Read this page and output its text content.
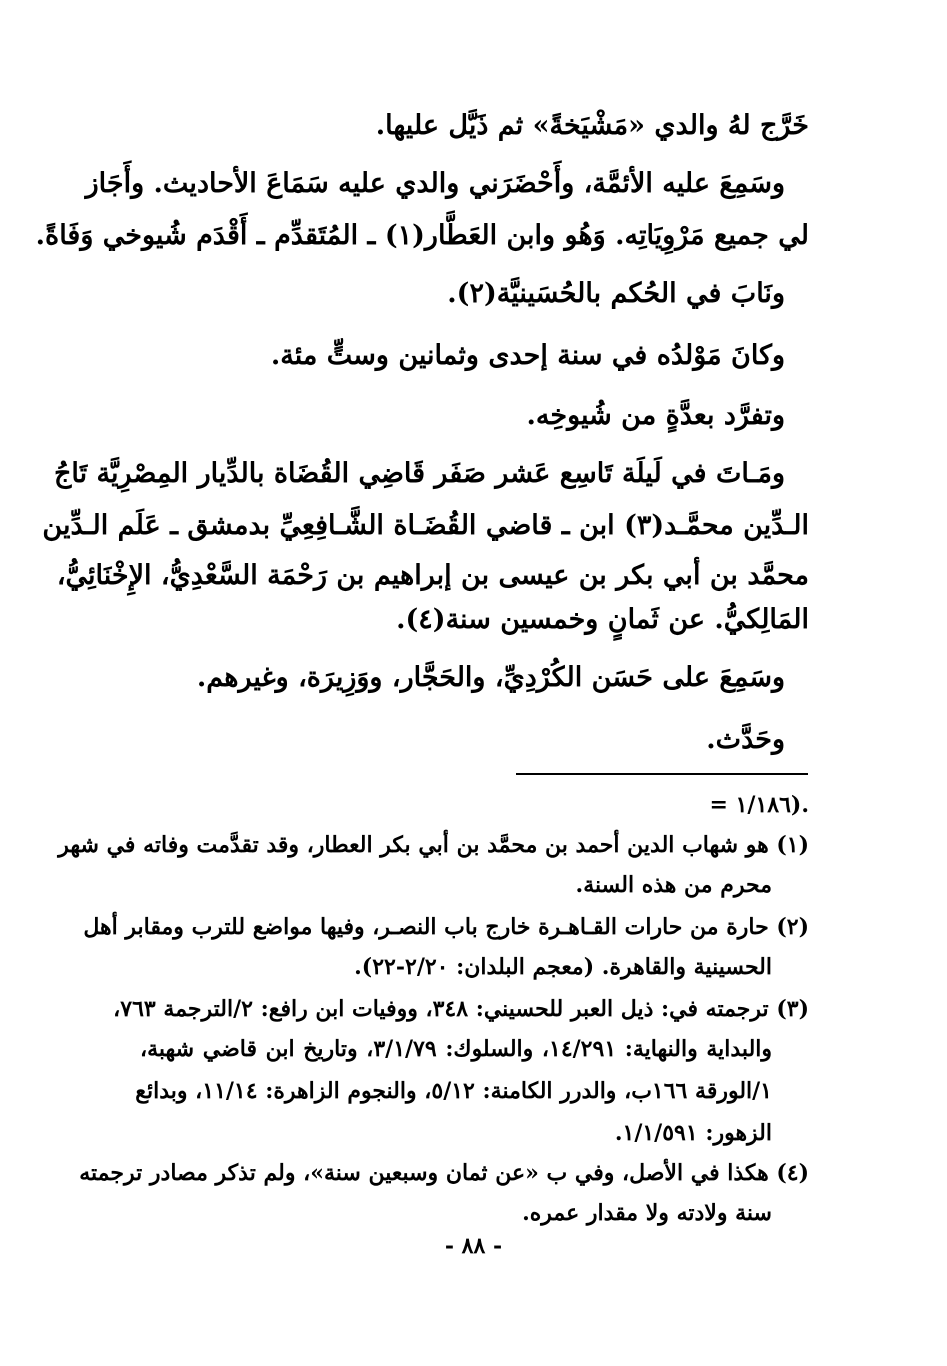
خَرَّج لهُ والدي «مَشْيَخةً» ثم ذَيَّل عليها.
وسَمِعَ عليه الأئمَّة، وأَحْضَرَني والدي عليه سَمَاعَ الأحاديث. وأَجَاز
لي جميع مَرْوِيَاتِه. وَهُو وابن العَطَّار(١) ـ المُتَقدِّم ـ أَقْدَم شُيوخي وَفَاةً.
ونَابَ في الحُكم بالحُسَينيَّة(٢).
وكانَ مَوْلدُه في سنة إحدى وثمانين وستٍّ مئة.
وتفرَّد بعدَّةٍ من شُيوخِه.
ومَـاتَ في لَيلَة تَاسِع عَشر صَفَر قَاضِي القُضَاة بالدِّيار المِصْرِيَّة تَاجُ
الـدِّين محمَّـد(٣) ابن ـ قاضي القُضَـاة الشَّـافِعِيِّ بدمشق ـ عَلَم الـدِّين
محمَّد بن أبي بكر بن عيسى بن إبراهيم بن رَحْمَة السَّعْدِيُّ، الإِخْنَائِيُّ،
المَالِكيُّ. عن ثَمانٍ وخمسين سنة(٤).
وسَمِعَ على حَسَن الكُرْدِيِّ، والحَجَّار، ووَزِيرَة، وغيرهم.
وحَدَّث.
= ١/١٨٦).
(١) هو شهاب الدين أحمد بن محمَّد بن أبي بكر العطار، وقد تقدَّمت وفاته في شهر
محرم من هذه السنة.
(٢) حارة من حارات القـاهـرة خارج باب النصـر، وفيها مواضع للترب ومقابر أهل
الحسينية والقاهرة. (معجم البلدان: ٢/٢٠-٢٢).
(٣) ترجمته في: ذيل العبر للحسيني: ٣٤٨، ووفيات ابن رافع: ٢/الترجمة ٧٦٣،
والبداية والنهاية: ١٤/٢٩١، والسلوك: ٣/١/٧٩، وتاريخ ابن قاضي شهبة،
١/الورقة ١٦٦ب، والدرر الكامنة: ٥/١٢، والنجوم الزاهرة: ١١/١٤، وبدائع
الزهور: ١/١/٥٩١.
(٤) هكذا في الأصل، وفي ب «عن ثمان وسبعين سنة»، ولم تذكر مصادر ترجمته
سنة ولادته ولا مقدار عمره.
- ٨٨ -
